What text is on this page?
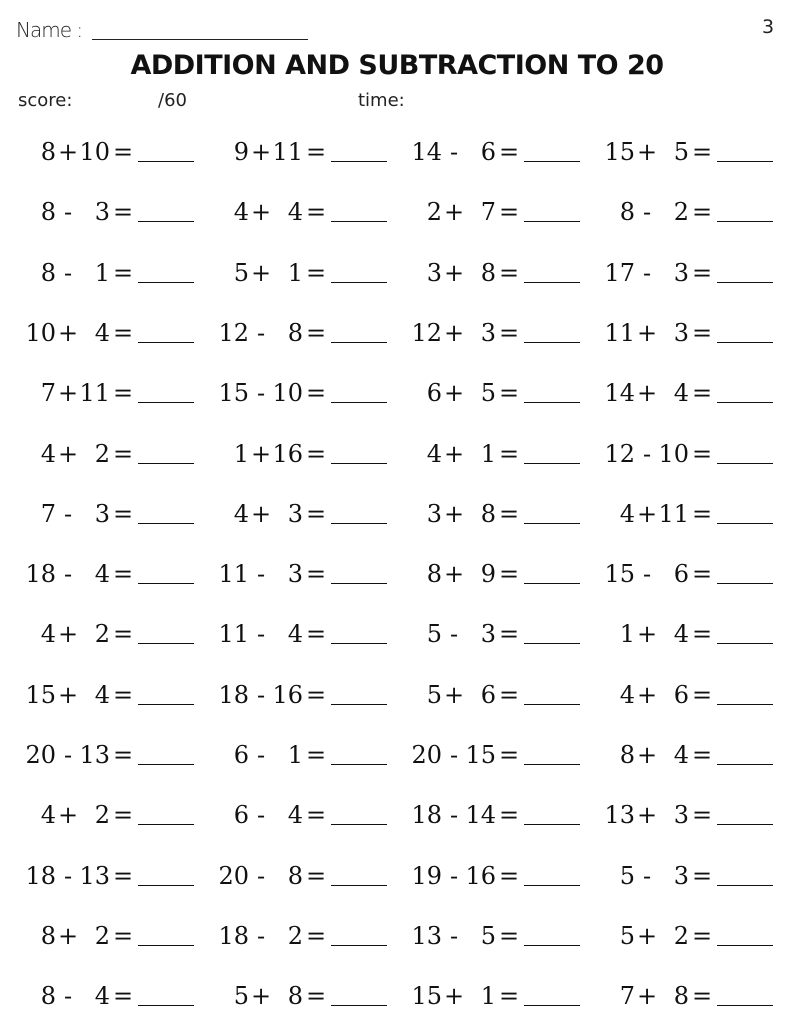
Name :	3
ADDITION AND SUBTRACTION TO 20
score:	/60	time:
8 + 10 =	9 + 11 =	14 - 6 =	15 + 5 =
8 - 3 =	4 + 4 =	2 + 7 =	8 - 2 =
8 - 1 =	5 + 1 =	3 + 8 =	17 - 3 =
10 + 4 =	12 - 8 =	12 + 3 =	11 + 3 =
7 + 11 =	15 - 10 =	6 + 5 =	14 + 4 =
4 + 2 =	1 + 16 =	4 + 1 =	12 - 10 =
7 - 3 =	4 + 3 =	3 + 8 =	4 + 11 =
18 - 4 =	11 - 3 =	8 + 9 =	15 - 6 =
4 + 2 =	11 - 4 =	5 - 3 =	1 + 4 =
15 + 4 =	18 - 16 =	5 + 6 =	4 + 6 =
20 - 13 =	6 - 1 =	20 - 15 =	8 + 4 =
4 + 2 =	6 - 4 =	18 - 14 =	13 + 3 =
18 - 13 =	20 - 8 =	19 - 16 =	5 - 3 =
8 + 2 =	18 - 2 =	13 - 5 =	5 + 2 =
8 - 4 =	5 + 8 =	15 + 1 =	7 + 8 =
